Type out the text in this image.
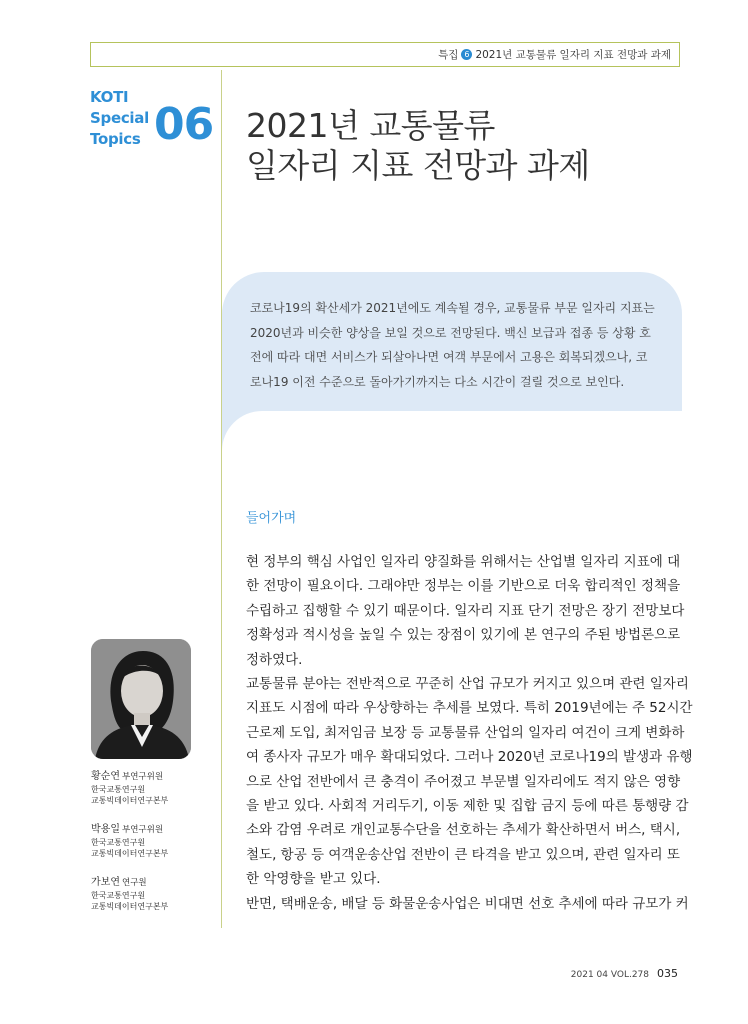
특집 6 2021년 교통물류 일자리 지표 전망과 과제
KOTI
Special
Topics 06 2021년 교통물류
일자리 지표 전망과 과제
코로나19의 확산세가 2021년에도 계속될 경우, 교통물류 부문 일자리 지표는
2020년과 비슷한 양상을 보일 것으로 전망된다. 백신 보급과 접종 등 상황 호
전에 따라 대면 서비스가 되살아나면 여객 부문에서 고용은 회복되겠으나, 코
로나19 이전 수준으로 돌아가기까지는 다소 시간이 걸릴 것으로 보인다.
들어가며
현 정부의 핵심 사업인 일자리 양질화를 위해서는 산업별 일자리 지표에 대
한 전망이 필요이다. 그래야만 정부는 이를 기반으로 더욱 합리적인 정책을
수립하고 집행할 수 있기 때문이다. 일자리 지표 단기 전망은 장기 전망보다
정확성과 적시성을 높일 수 있는 장점이 있기에 본 연구의 주된 방법론으로
정하였다.
교통물류 분야는 전반적으로 꾸준히 산업 규모가 커지고 있으며 관련 일자리
지표도 시점에 따라 우상향하는 추세를 보였다. 특히 2019년에는 주 52시간
근로제 도입, 최저임금 보장 등 교통물류 산업의 일자리 여건이 크게 변화하
여 종사자 규모가 매우 확대되었다. 그러나 2020년 코로나19의 발생과 유행
으로 산업 전반에서 큰 충격이 주어졌고 부문별 일자리에도 적지 않은 영향
을 받고 있다. 사회적 거리두기, 이동 제한 및 집합 금지 등에 따른 통행량 감
소와 감염 우려로 개인교통수단을 선호하는 추세가 확산하면서 버스, 택시,
철도, 항공 등 여객운송산업 전반이 큰 타격을 받고 있으며, 관련 일자리 또
한 악영향을 받고 있다.
반면, 택배운송, 배달 등 화물운송사업은 비대면 선호 추세에 따라 규모가 커
황순연 부연구위원
한국교통연구원
교통빅데이터연구본부
박용일 부연구위원
한국교통연구원
교통빅데이터연구본부
가보연 연구원
한국교통연구원
교통빅데이터연구본부
2021 04 VOL.278 035
